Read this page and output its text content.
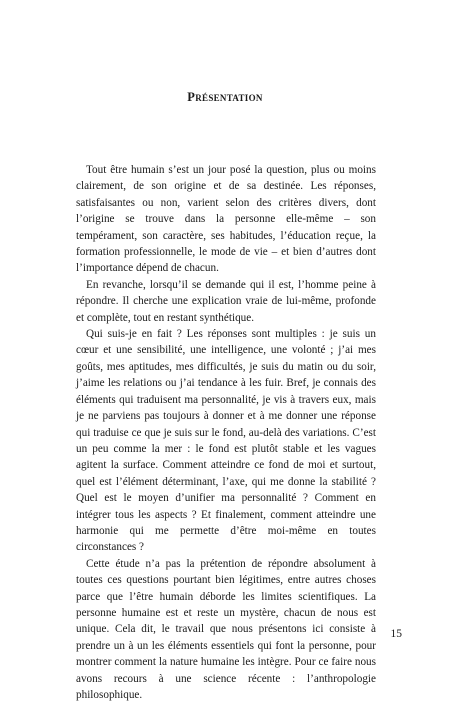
Présentation

Tout être humain s’est un jour posé la question, plus ou moins clairement, de son origine et de sa destinée. Les réponses, satisfaisantes ou non, varient selon des critères divers, dont l’origine se trouve dans la personne elle-même – son tempérament, son caractère, ses habitudes, l’éducation reçue, la formation professionnelle, le mode de vie – et bien d’autres dont l’importance dépend de chacun.

En revanche, lorsqu’il se demande qui il est, l’homme peine à répondre. Il cherche une explication vraie de lui-même, profonde et complète, tout en restant synthétique.

Qui suis-je en fait ? Les réponses sont multiples : je suis un cœur et une sensibilité, une intelligence, une volonté ; j’ai mes goûts, mes aptitudes, mes difficultés, je suis du matin ou du soir, j’aime les relations ou j’ai tendance à les fuir. Bref, je connais des éléments qui traduisent ma personnalité, je vis à travers eux, mais je ne parviens pas toujours à donner et à me donner une réponse qui traduise ce que je suis sur le fond, au-delà des variations. C’est un peu comme la mer : le fond est plutôt stable et les vagues agitent la surface. Comment atteindre ce fond de moi et surtout, quel est l’élément déterminant, l’axe, qui me donne la stabilité ? Quel est le moyen d’unifier ma personnalité ? Comment en intégrer tous les aspects ? Et finalement, comment atteindre une harmonie qui me permette d’être moi-même en toutes circonstances ?

Cette étude n’a pas la prétention de répondre absolument à toutes ces questions pourtant bien légitimes, entre autres choses parce que l’être humain déborde les limites scientifiques. La personne humaine est et reste un mystère, chacun de nous est unique. Cela dit, le travail que nous présentons ici consiste à prendre un à un les éléments essentiels qui font la personne, pour montrer comment la nature humaine les intègre. Pour ce faire nous avons recours à une science récente : l’anthropologie philosophique.

15
